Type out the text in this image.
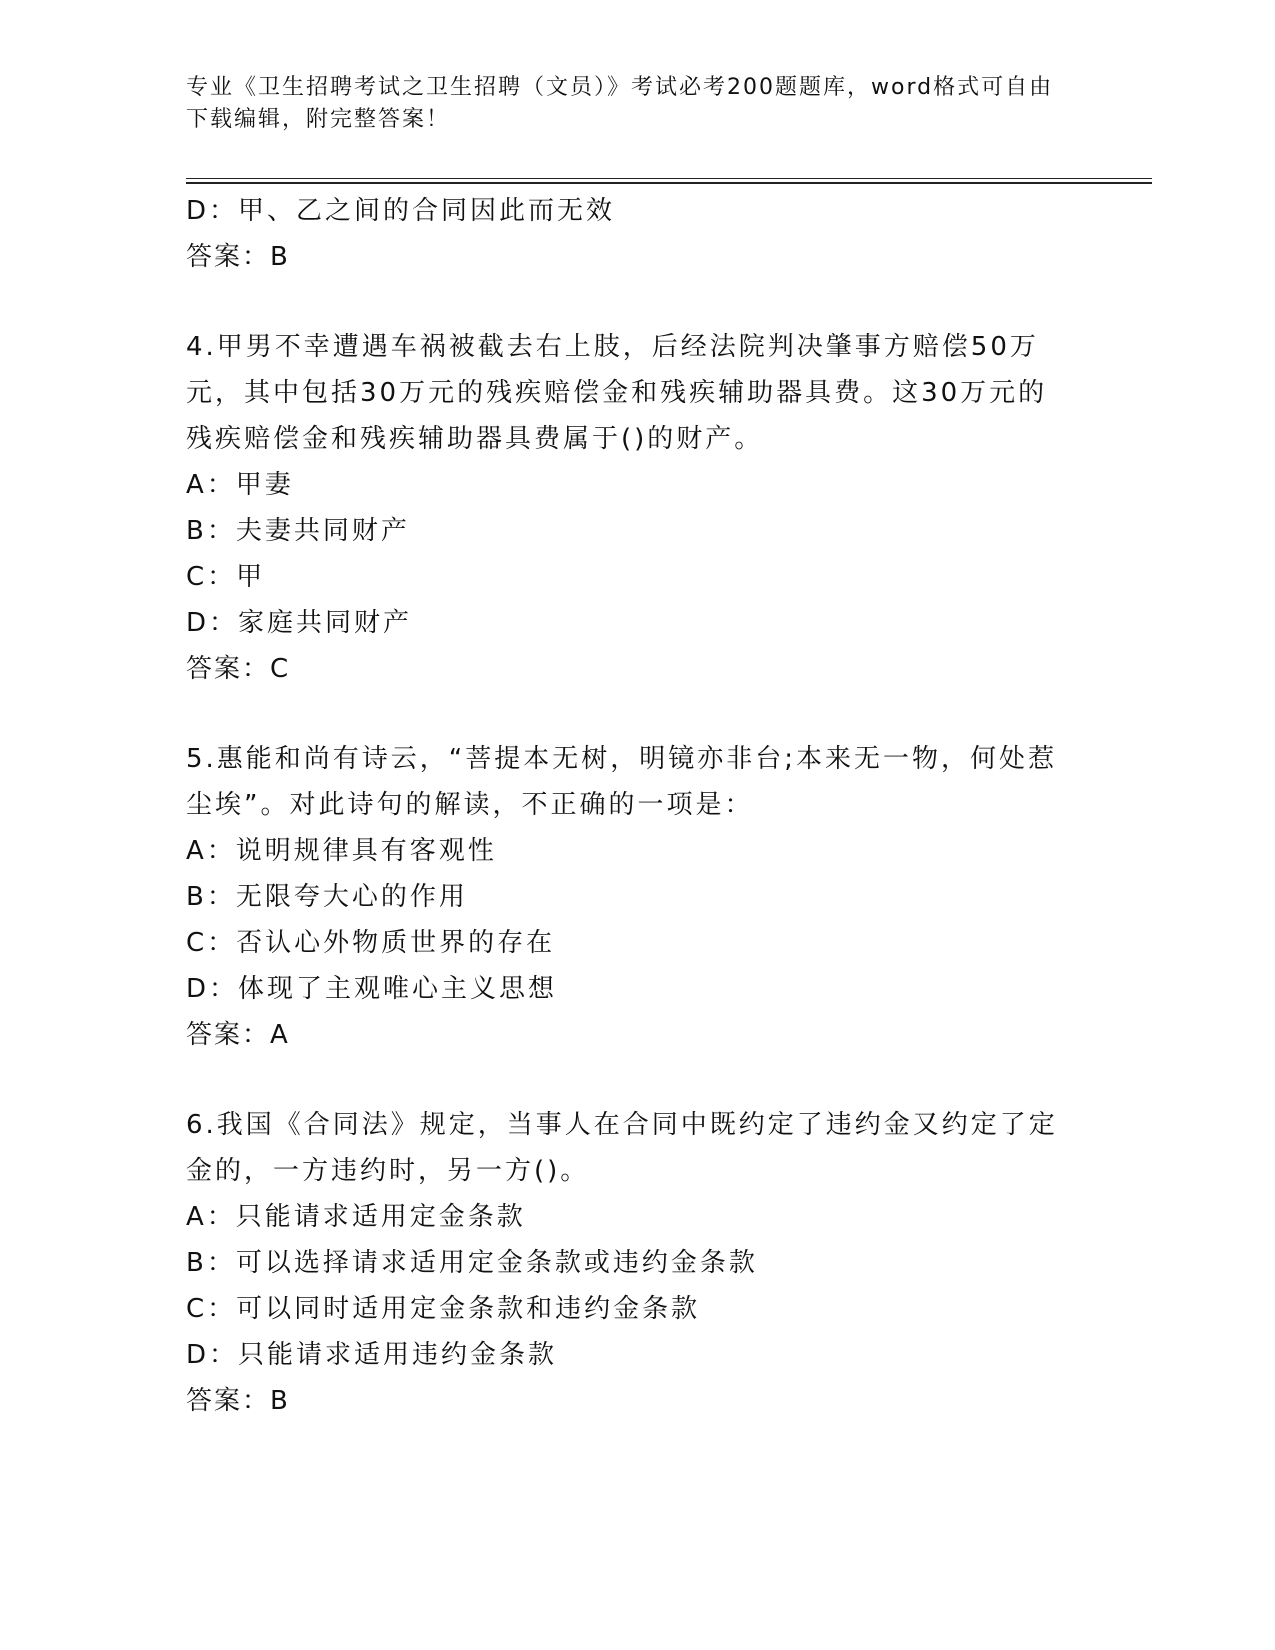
专业《卫生招聘考试之卫生招聘（文员）》考试必考200题题库，word格式可自由下载编辑，附完整答案！
D：甲、乙之间的合同因此而无效
答案：B
4.甲男不幸遭遇车祸被截去右上肢，后经法院判决肇事方赔偿50万元，其中包括30万元的残疾赔偿金和残疾辅助器具费。这30万元的残疾赔偿金和残疾辅助器具费属于()的财产。
A：甲妻
B：夫妻共同财产
C：甲
D：家庭共同财产
答案：C
5.惠能和尚有诗云，“菩提本无树，明镜亦非台;本来无一物，何处惹尘埃”。对此诗句的解读，不正确的一项是：
A：说明规律具有客观性
B：无限夸大心的作用
C：否认心外物质世界的存在
D：体现了主观唯心主义思想
答案：A
6.我国《合同法》规定，当事人在合同中既约定了违约金又约定了定金的，一方违约时，另一方()。
A：只能请求适用定金条款
B：可以选择请求适用定金条款或违约金条款
C：可以同时适用定金条款和违约金条款
D：只能请求适用违约金条款
答案：B
